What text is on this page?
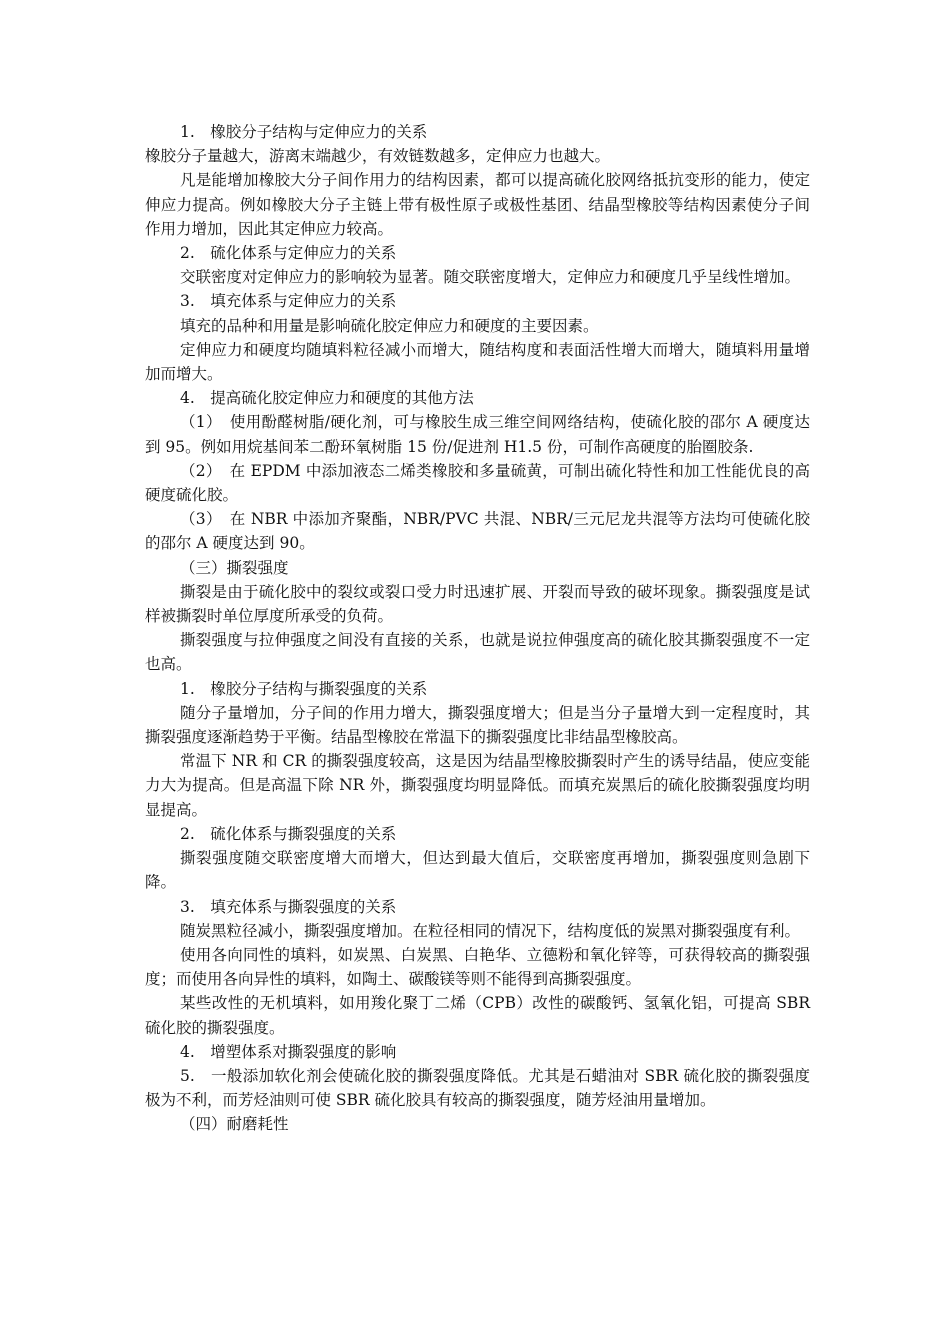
1.　橡胶分子结构与定伸应力的关系

橡胶分子量越大，游离末端越少，有效链数越多，定伸应力也越大。

凡是能增加橡胶大分子间作用力的结构因素，都可以提高硫化胶网络抵抗变形的能力，使定伸应力提高。例如橡胶大分子主链上带有极性原子或极性基团、结晶型橡胶等结构因素使分子间作用力增加，因此其定伸应力较高。

2.　硫化体系与定伸应力的关系

交联密度对定伸应力的影响较为显著。随交联密度增大，定伸应力和硬度几乎呈线性增加。

3.　填充体系与定伸应力的关系

填充的品种和用量是影响硫化胶定伸应力和硬度的主要因素。

定伸应力和硬度均随填料粒径减小而增大，随结构度和表面活性增大而增大，随填料用量增加而增大。

4.　提高硫化胶定伸应力和硬度的其他方法

（1）　使用酚醛树脂/硬化剂，可与橡胶生成三维空间网络结构，使硫化胶的邵尔 A 硬度达到 95。例如用烷基间苯二酚环氧树脂 15 份/促进剂 H1.5 份，可制作高硬度的胎圈胶条.

（2）　在 EPDM 中添加液态二烯类橡胶和多量硫黄，可制出硫化特性和加工性能优良的高硬度硫化胶。

（3）　在 NBR 中添加齐聚酯，NBR/PVC 共混、NBR/三元尼龙共混等方法均可使硫化胶的邵尔 A 硬度达到 90。

（三）撕裂强度

撕裂是由于硫化胶中的裂纹或裂口受力时迅速扩展、开裂而导致的破坏现象。撕裂强度是试样被撕裂时单位厚度所承受的负荷。

撕裂强度与拉伸强度之间没有直接的关系，也就是说拉伸强度高的硫化胶其撕裂强度不一定也高。

1.　橡胶分子结构与撕裂强度的关系

随分子量增加，分子间的作用力增大，撕裂强度增大；但是当分子量增大到一定程度时，其撕裂强度逐渐趋势于平衡。结晶型橡胶在常温下的撕裂强度比非结晶型橡胶高。

常温下 NR 和 CR 的撕裂强度较高，这是因为结晶型橡胶撕裂时产生的诱导结晶，使应变能力大为提高。但是高温下除 NR 外，撕裂强度均明显降低。而填充炭黑后的硫化胶撕裂强度均明显提高。

2.　硫化体系与撕裂强度的关系

撕裂强度随交联密度增大而增大，但达到最大值后，交联密度再增加，撕裂强度则急剧下降。

3.　填充体系与撕裂强度的关系

随炭黑粒径减小，撕裂强度增加。在粒径相同的情况下，结构度低的炭黑对撕裂强度有利。

使用各向同性的填料，如炭黑、白炭黑、白艳华、立德粉和氧化锌等，可获得较高的撕裂强度；而使用各向异性的填料，如陶土、碳酸镁等则不能得到高撕裂强度。

某些改性的无机填料，如用羧化聚丁二烯（CPB）改性的碳酸钙、氢氧化铝，可提高 SBR 硫化胶的撕裂强度。

4.　增塑体系对撕裂强度的影响

5.　一般添加软化剂会使硫化胶的撕裂强度降低。尤其是石蜡油对 SBR 硫化胶的撕裂强度极为不利，而芳烃油则可使 SBR 硫化胶具有较高的撕裂强度，随芳烃油用量增加。

（四）耐磨耗性
